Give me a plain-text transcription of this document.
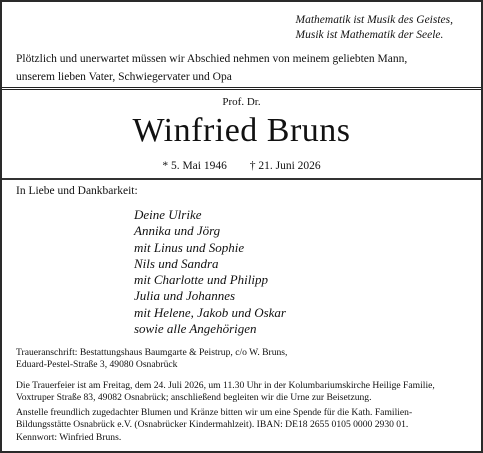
Mathematik ist Musik des Geistes,
Musik ist Mathematik der Seele.
Plötzlich und unerwartet müssen wir Abschied nehmen von meinem geliebten Mann,
unserem lieben Vater, Schwiegervater und Opa
Prof. Dr.
Winfried Bruns
* 5. Mai 1946 † 21. Juni 2026
In Liebe und Dankbarkeit:
Deine Ulrike
Annika und Jörg
mit Linus und Sophie
Nils und Sandra
mit Charlotte und Philipp
Julia und Johannes
mit Helene, Jakob und Oskar
sowie alle Angehörigen
Traueranschrift: Bestattungshaus Baumgarte & Peistrup, c/o W. Bruns,
Eduard-Pestel-Straße 3, 49080 Osnabrück
Die Trauerfeier ist am Freitag, dem 24. Juli 2026, um 11.30 Uhr in der Kolumbariumskirche Heilige Familie,
Voxtruper Straße 83, 49082 Osnabrück; anschließend begleiten wir die Urne zur Beisetzung.
Anstelle freundlich zugedachter Blumen und Kränze bitten wir um eine Spende für die Kath. Familien-
Bildungsstätte Osnabrück e.V. (Osnabrücker Kindermahlzeit). IBAN: DE18 2655 0105 0000 2930 01.
Kennwort: Winfried Bruns.
